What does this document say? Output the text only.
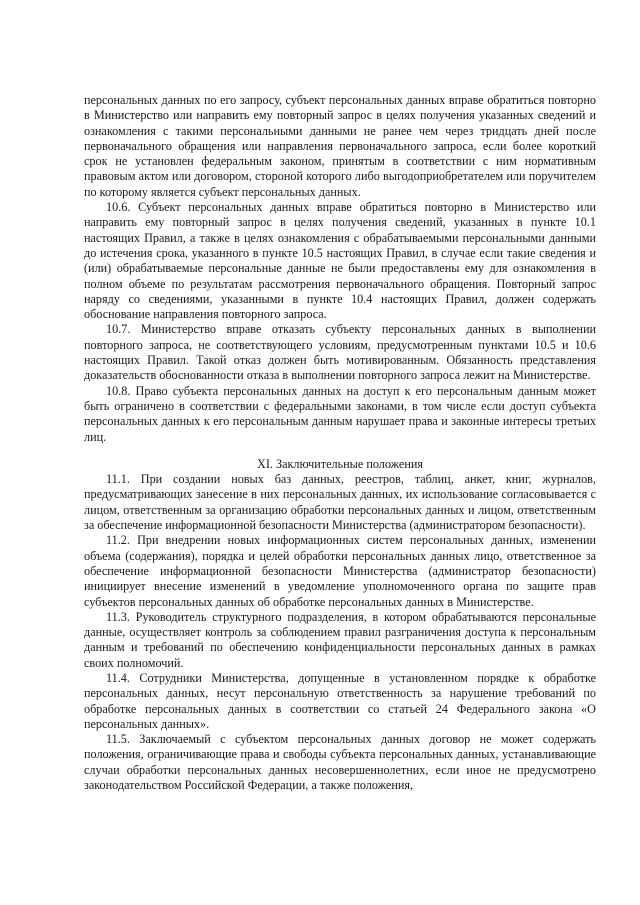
персональных данных по его запросу, субъект персональных данных вправе обратиться повторно в Министерство или направить ему повторный запрос в целях получения указанных сведений и ознакомления с такими персональными данными не ранее чем через тридцать дней после первоначального обращения или направления первоначального запроса, если более короткий срок не установлен федеральным законом, принятым в соответствии с ним нормативным правовым актом или договором, стороной которого либо выгодоприобретателем или поручителем по которому является субъект персональных данных.

10.6. Субъект персональных данных вправе обратиться повторно в Министерство или направить ему повторный запрос в целях получения сведений, указанных в пункте 10.1 настоящих Правил, а также в целях ознакомления с обрабатываемыми персональными данными до истечения срока, указанного в пункте 10.5 настоящих Правил, в случае если такие сведения и (или) обрабатываемые персональные данные не были предоставлены ему для ознакомления в полном объеме по результатам рассмотрения первоначального обращения. Повторный запрос наряду со сведениями, указанными в пункте 10.4 настоящих Правил, должен содержать обоснование направления повторного запроса.

10.7. Министерство вправе отказать субъекту персональных данных в выполнении повторного запроса, не соответствующего условиям, предусмотренным пунктами 10.5 и 10.6 настоящих Правил. Такой отказ должен быть мотивированным. Обязанность представления доказательств обоснованности отказа в выполнении повторного запроса лежит на Министерстве.

10.8. Право субъекта персональных данных на доступ к его персональным данным может быть ограничено в соответствии с федеральными законами, в том числе если доступ субъекта персональных данных к его персональным данным нарушает права и законные интересы третьих лиц.

XI. Заключительные положения

11.1. При создании новых баз данных, реестров, таблиц, анкет, книг, журналов, предусматривающих занесение в них персональных данных, их использование согласовывается с лицом, ответственным за организацию обработки персональных данных и лицом, ответственным за обеспечение информационной безопасности Министерства (администратором безопасности).

11.2. При внедрении новых информационных систем персональных данных, изменении объема (содержания), порядка и целей обработки персональных данных лицо, ответственное за обеспечение информационной безопасности Министерства (администратор безопасности) инициирует внесение изменений в уведомление уполномоченного органа по защите прав субъектов персональных данных об обработке персональных данных в Министерстве.

11.3. Руководитель структурного подразделения, в котором обрабатываются персональные данные, осуществляет контроль за соблюдением правил разграничения доступа к персональным данным и требований по обеспечению конфиденциальности персональных данных в рамках своих полномочий.

11.4. Сотрудники Министерства, допущенные в установленном порядке к обработке персональных данных, несут персональную ответственность за нарушение требований по обработке персональных данных в соответствии со статьей 24 Федерального закона «О персональных данных».

11.5. Заключаемый с субъектом персональных данных договор не может содержать положения, ограничивающие права и свободы субъекта персональных данных, устанавливающие случаи обработки персональных данных несовершеннолетних, если иное не предусмотрено законодательством Российской Федерации, а также положения,
